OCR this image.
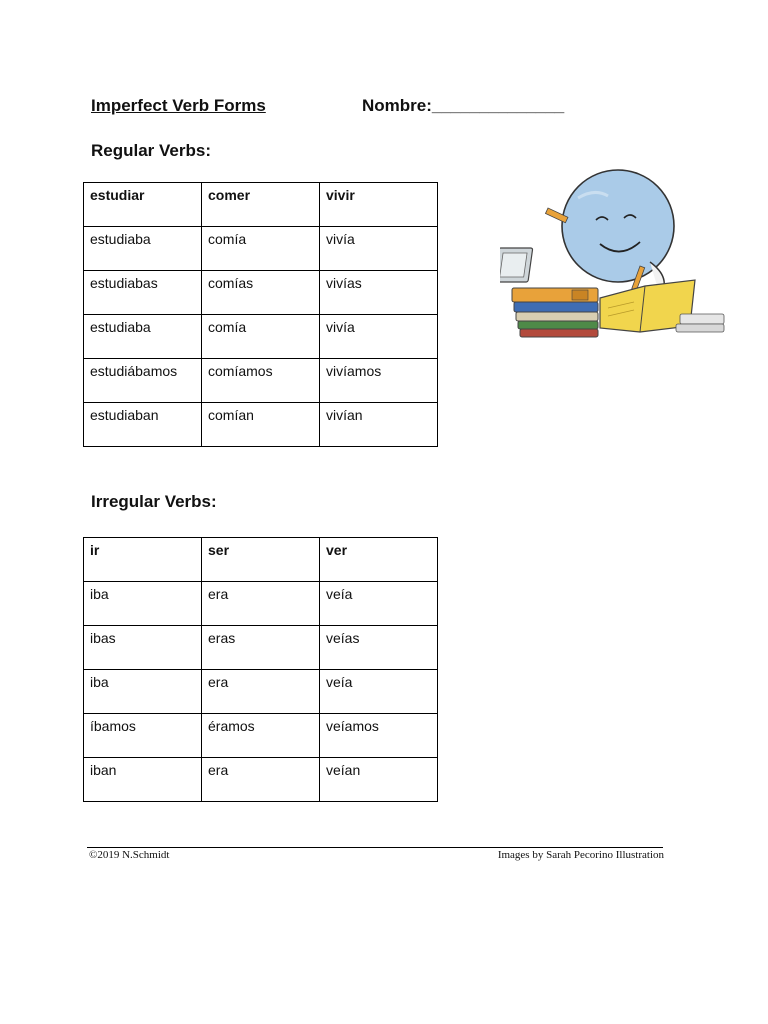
Imperfect Verb Forms	Nombre:______________
Regular Verbs:
estudiar	comer	vivir
estudiaba	comía	vivía
estudiabas	comías	vivías
estudiaba	comía	vivía
estudiábamos	comíamos	vivíamos
estudiaban	comían	vivían
Irregular Verbs:
ir	ser	ver
iba	era	veía
ibas	eras	veías
iba	era	veía
íbamos	éramos	veíamos
iban	era	veían
©2019 N.Schmidt	Images by Sarah Pecorino Illustration
